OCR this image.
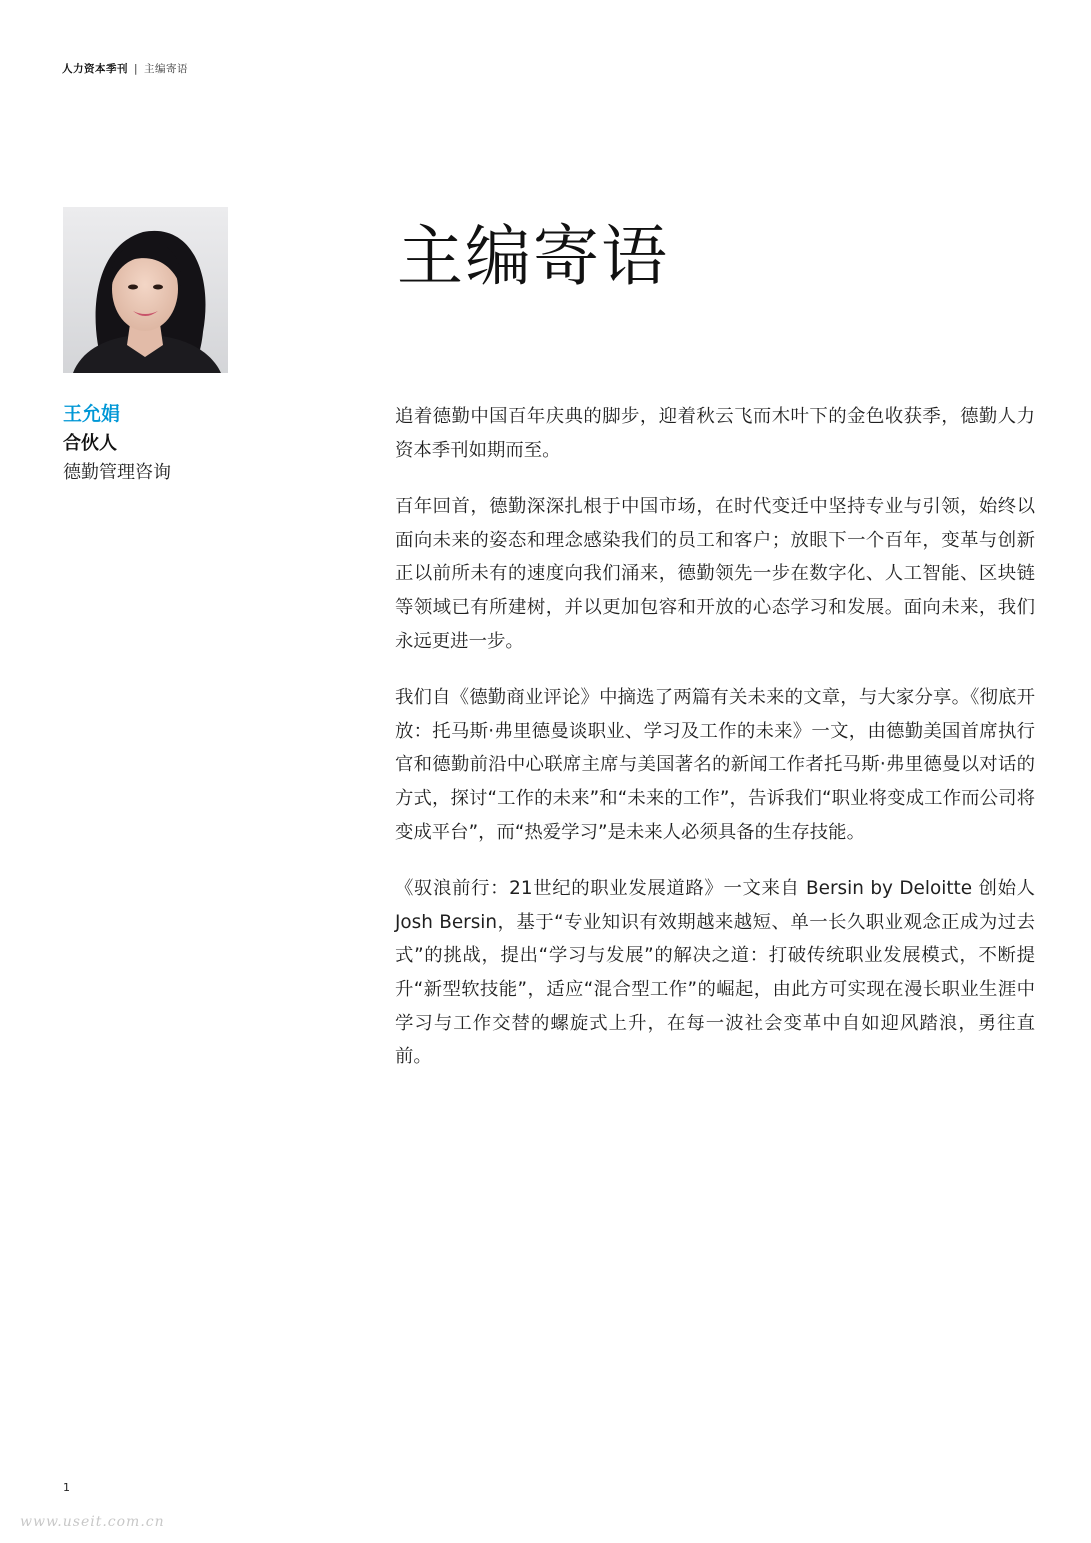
人力资本季刊 | 主编寄语
王允娟
合伙人
德勤管理咨询
主编寄语

追着德勤中国百年庆典的脚步，迎着秋云飞而木叶下的金色收获季，德勤人力资本季刊如期而至。

百年回首，德勤深深扎根于中国市场，在时代变迁中坚持专业与引领，始终以面向未来的姿态和理念感染我们的员工和客户；放眼下一个百年，变革与创新正以前所未有的速度向我们涌来，德勤领先一步在数字化、人工智能、区块链等领域已有所建树，并以更加包容和开放的心态学习和发展。面向未来，我们永远更进一步。

我们自《德勤商业评论》中摘选了两篇有关未来的文章，与大家分享。《彻底开放：托马斯·弗里德曼谈职业、学习及工作的未来》一文，由德勤美国首席执行官和德勤前沿中心联席主席与美国著名的新闻工作者托马斯·弗里德曼以对话的方式，探讨“工作的未来”和“未来的工作”，告诉我们“职业将变成工作而公司将变成平台”，而“热爱学习”是未来人必须具备的生存技能。

《驭浪前行：21世纪的职业发展道路》一文来自 Bersin by Deloitte 创始人 Josh Bersin，基于“专业知识有效期越来越短、单一长久职业观念正成为过去式”的挑战，提出“学习与发展”的解决之道：打破传统职业发展模式，不断提升“新型软技能”，适应“混合型工作”的崛起，由此方可实现在漫长职业生涯中学习与工作交替的螺旋式上升，在每一波社会变革中自如迎风踏浪，勇往直前。

1
www.useit.com.cn
